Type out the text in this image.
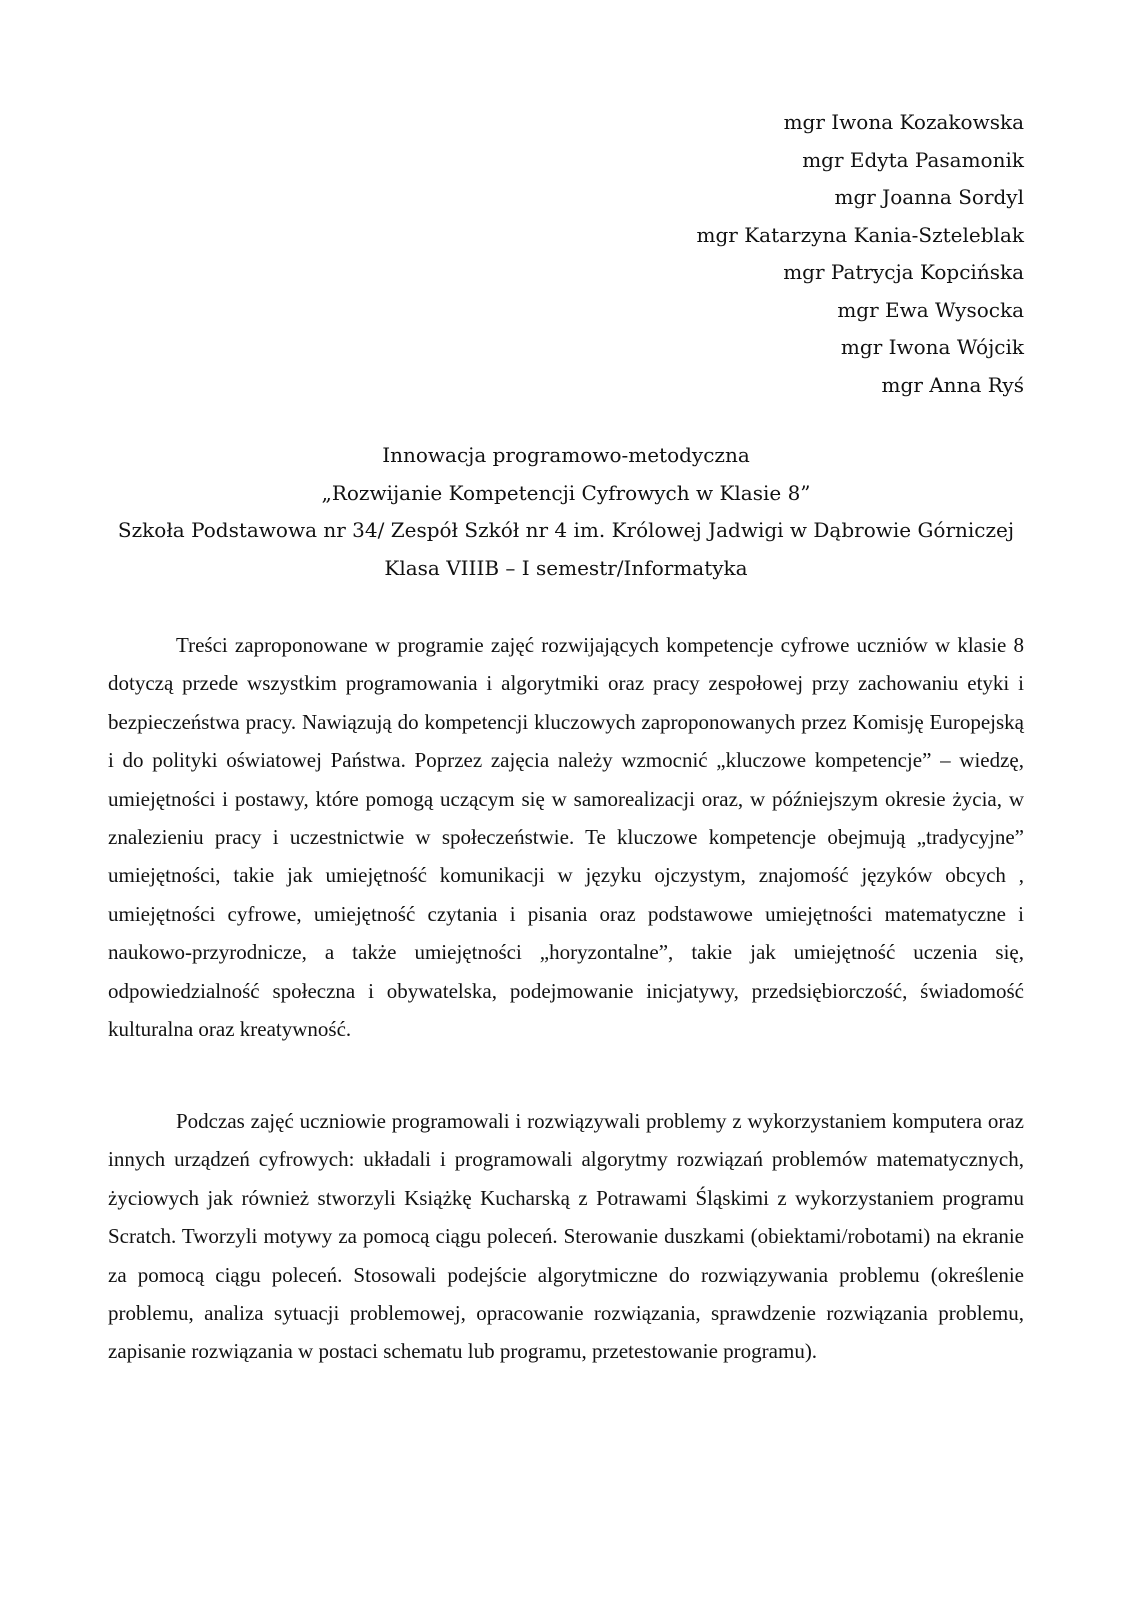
mgr Iwona Kozakowska
mgr Edyta Pasamonik
mgr Joanna Sordyl
mgr Katarzyna Kania-Szteleblak
mgr Patrycja Kopcińska
mgr Ewa Wysocka
mgr Iwona Wójcik
mgr Anna Ryś
Innowacja programowo-metodyczna
„Rozwijanie Kompetencji Cyfrowych w Klasie 8”
Szkoła Podstawowa nr 34/ Zespół Szkół nr 4 im. Królowej Jadwigi w Dąbrowie Górniczej
Klasa VIIIB – I semestr/Informatyka

Treści zaproponowane w programie zajęć rozwijających kompetencje cyfrowe uczniów w klasie 8 dotyczą przede wszystkim programowania i algorytmiki oraz pracy zespołowej przy zachowaniu etyki i bezpieczeństwa pracy. Nawiązują do kompetencji kluczowych zaproponowanych przez Komisję Europejską i do polityki oświatowej Państwa. Poprzez zajęcia należy wzmocnić „kluczowe kompetencje” – wiedzę, umiejętności i postawy, które pomogą uczącym się w samorealizacji oraz, w późniejszym okresie życia, w znalezieniu pracy i uczestnictwie w społeczeństwie. Te kluczowe kompetencje obejmują „tradycyjne” umiejętności, takie jak umiejętność komunikacji w języku ojczystym, znajomość języków obcych , umiejętności cyfrowe, umiejętność czytania i pisania oraz podstawowe umiejętności matematyczne i naukowo-przyrodnicze, a także umiejętności „horyzontalne”, takie jak umiejętność uczenia się, odpowiedzialność społeczna i obywatelska, podejmowanie inicjatywy, przedsiębiorczość, świadomość kulturalna oraz kreatywność.

Podczas zajęć uczniowie programowali i rozwiązywali problemy z wykorzystaniem komputera oraz innych urządzeń cyfrowych: układali i programowali algorytmy rozwiązań problemów matematycznych, życiowych jak również stworzyli Książkę Kucharską z Potrawami Śląskimi z wykorzystaniem programu Scratch. Tworzyli motywy za pomocą ciągu poleceń. Sterowanie duszkami (obiektami/robotami) na ekranie za pomocą ciągu poleceń. Stosowali podejście algorytmiczne do rozwiązywania problemu (określenie problemu, analiza sytuacji problemowej, opracowanie rozwiązania, sprawdzenie rozwiązania problemu, zapisanie rozwiązania w postaci schematu lub programu, przetestowanie programu).
